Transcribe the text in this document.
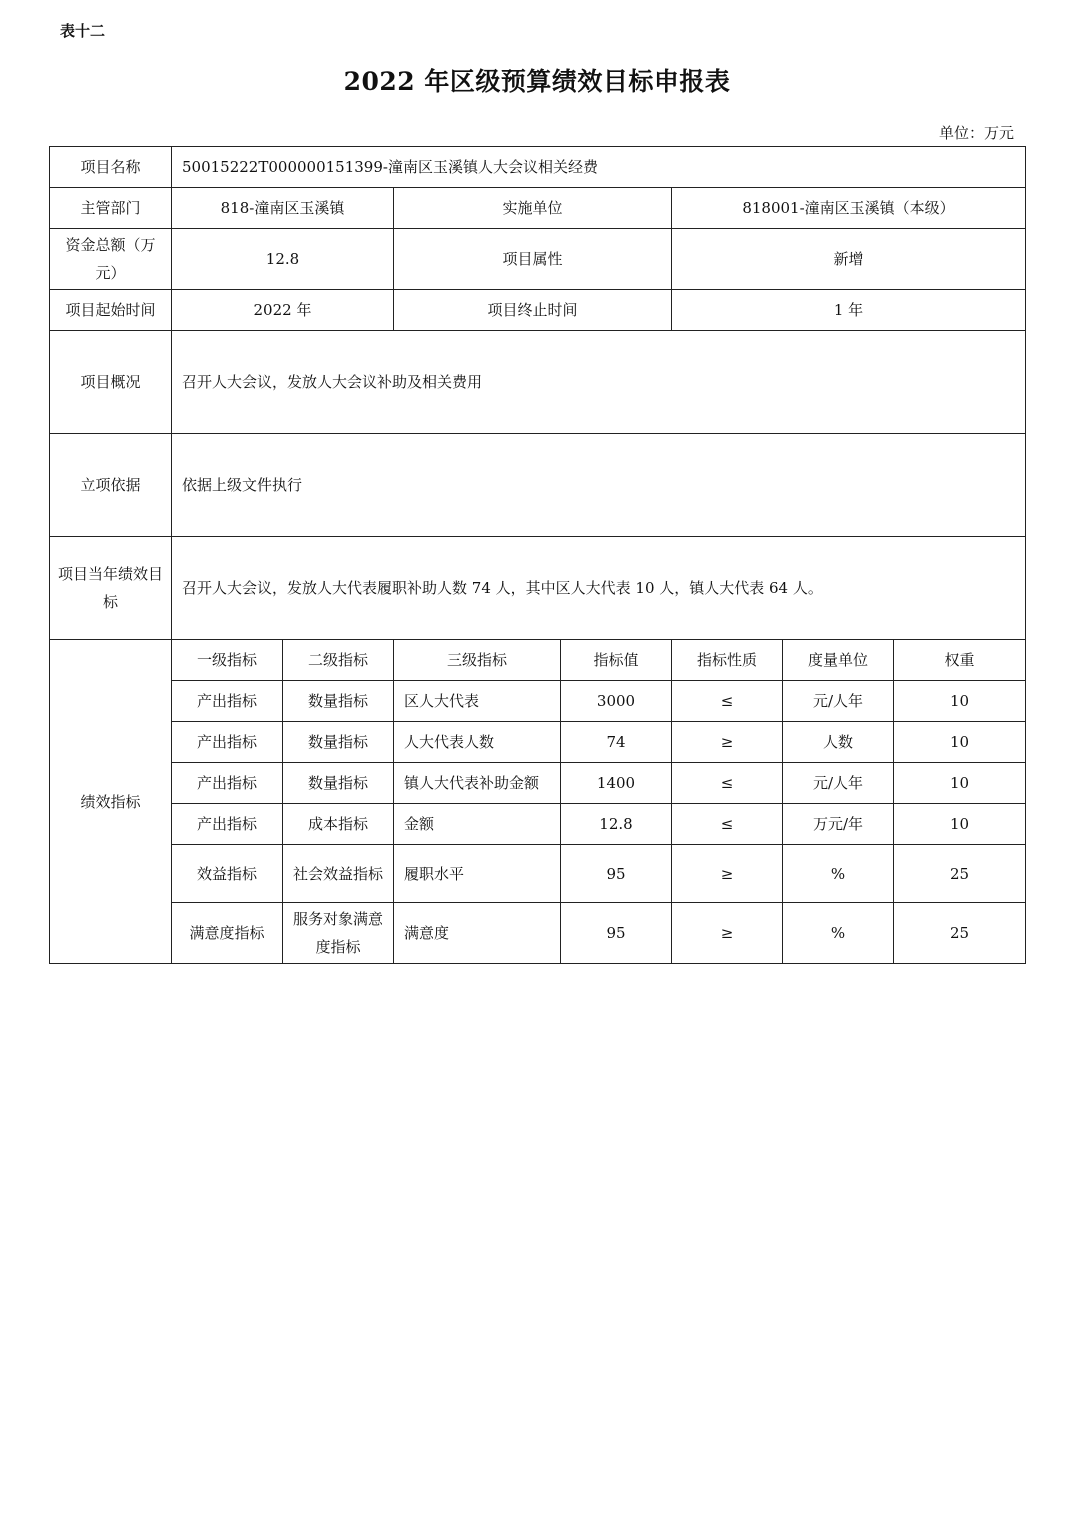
表十二
2022 年区级预算绩效目标申报表
单位：万元
项目名称	50015222T000000151399-潼南区玉溪镇人大会议相关经费						
主管部门	818-潼南区玉溪镇		实施单位		818001-潼南区玉溪镇（本级）		
资金总额（万元）	12.8		项目属性		新增		
项目起始时间	2022 年		项目终止时间		1 年		
项目概况	召开人大会议，发放人大会议补助及相关费用						
立项依据	依据上级文件执行						
项目当年绩效目标	召开人大会议，发放人大代表履职补助人数 74 人，其中区人大代表 10 人，镇人大代表 64 人。						
绩效指标	一级指标	二级指标	三级指标	指标值	指标性质	度量单位	权重
	产出指标	数量指标	区人大代表	3000	≤	元/人年	10
	产出指标	数量指标	人大代表人数	74	≥	人数	10
	产出指标	数量指标	镇人大代表补助金额	1400	≤	元/人年	10
	产出指标	成本指标	金额	12.8	≤	万元/年	10
	效益指标	社会效益指标	履职水平	95	≥	%	25
	满意度指标	服务对象满意度指标	满意度	95	≥	%	25
